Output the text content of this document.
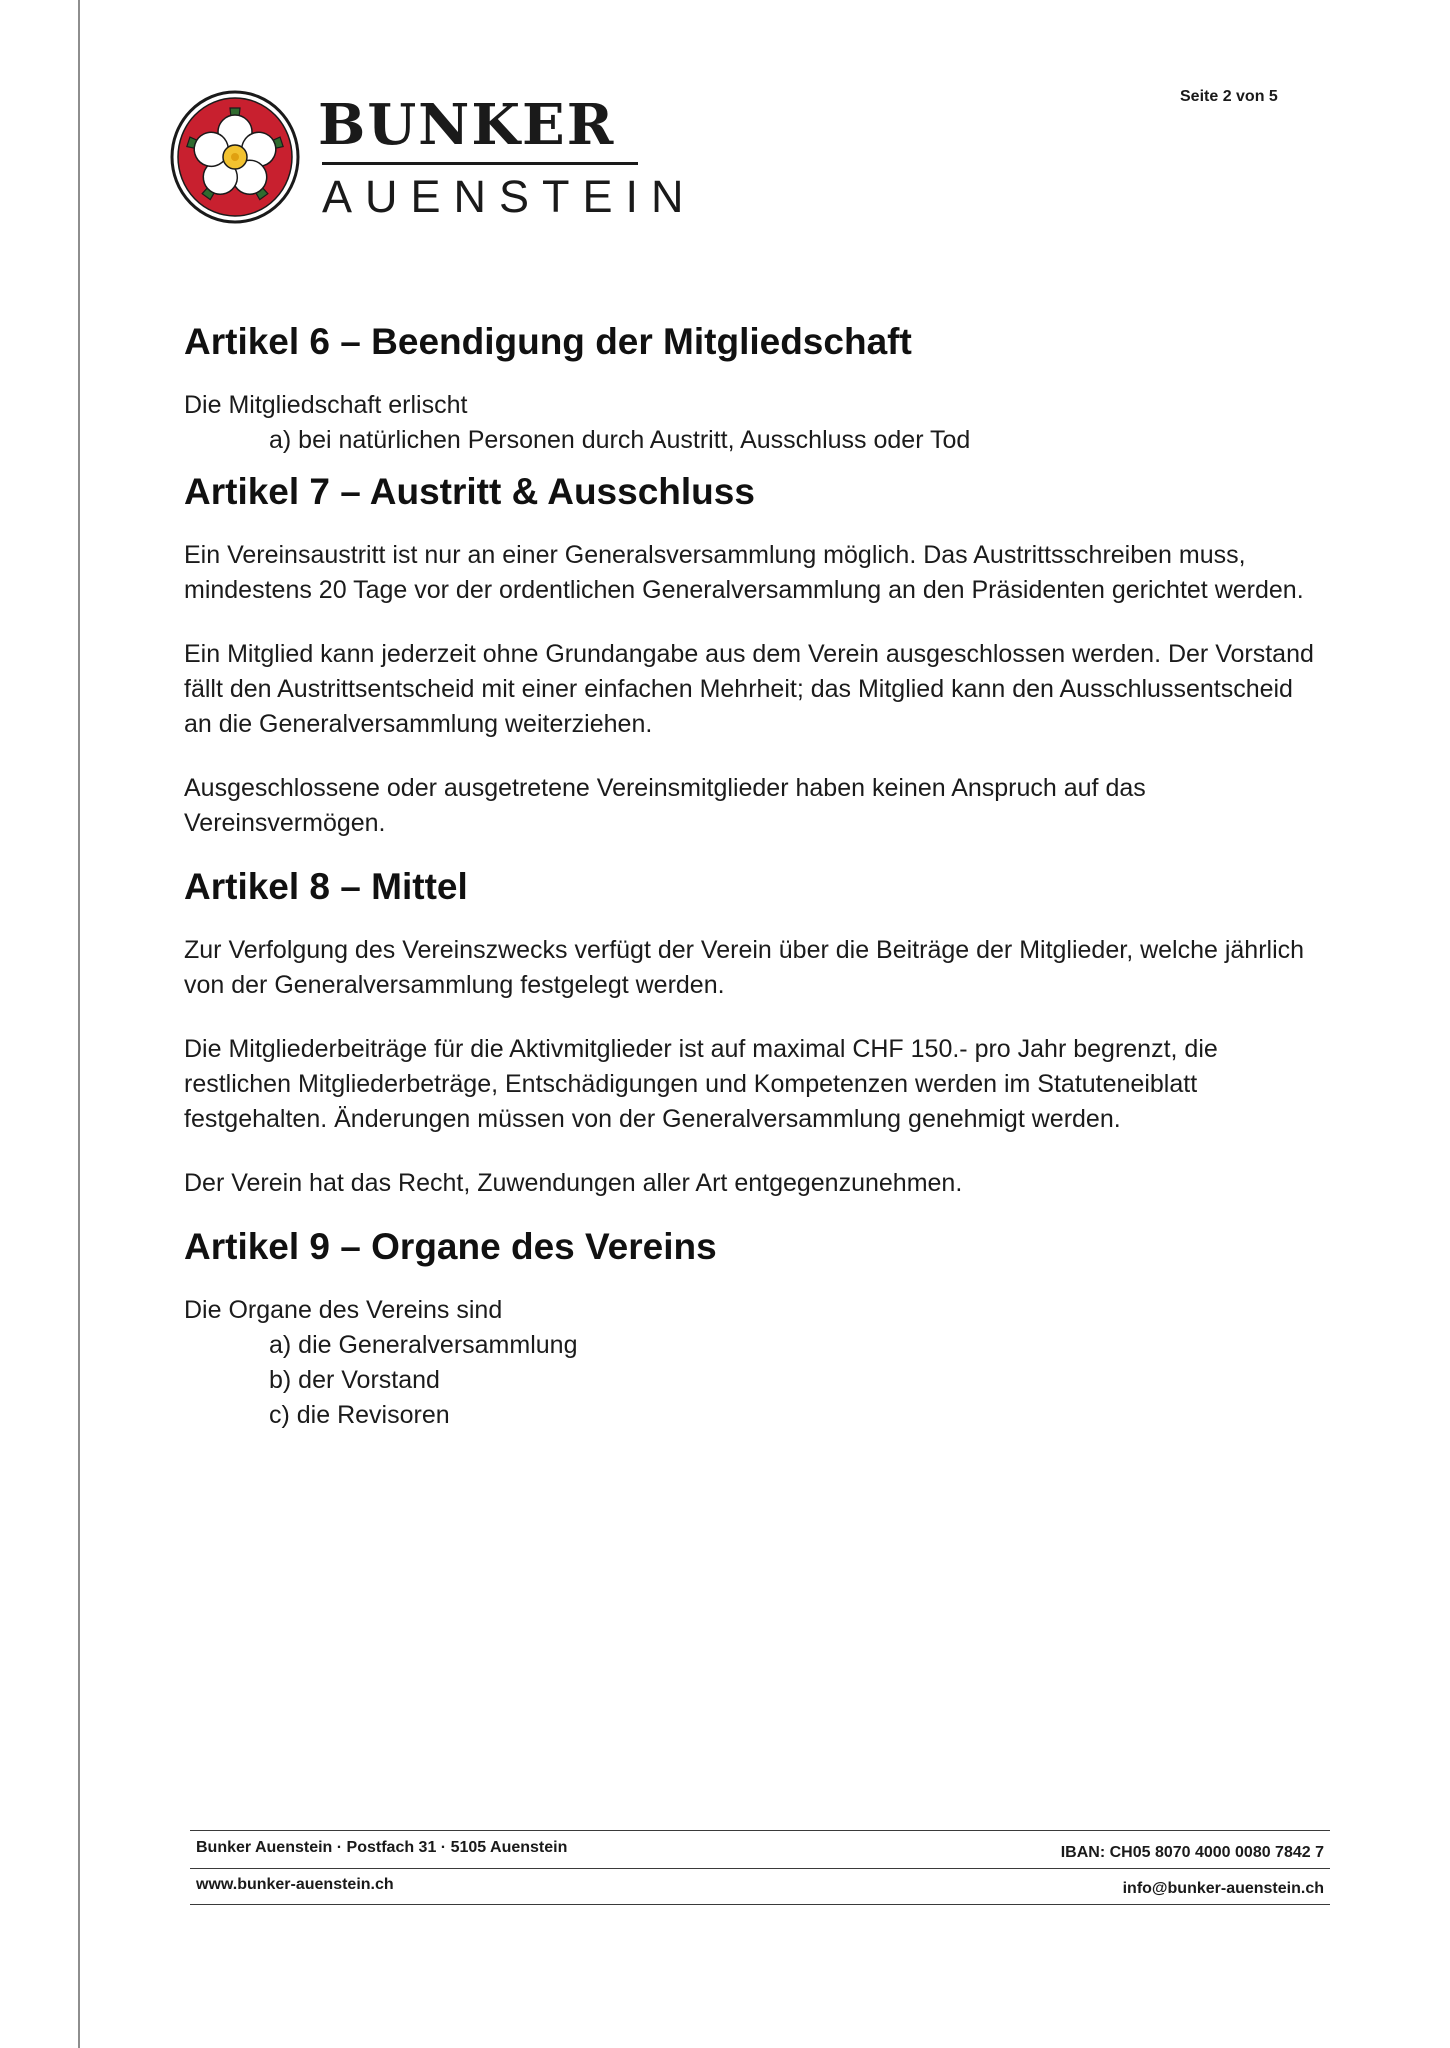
BUNKER
AUENSTEIN
Seite 2 von 5
Artikel 6 – Beendigung der Mitgliedschaft

Die Mitgliedschaft erlischt

a) bei natürlichen Personen durch Austritt, Ausschluss oder Tod

Artikel 7 – Austritt & Ausschluss

Ein Vereinsaustritt ist nur an einer Generalsversammlung möglich. Das Austrittsschreiben muss, mindestens 20 Tage vor der ordentlichen Generalversammlung an den Präsidenten gerichtet werden.

Ein Mitglied kann jederzeit ohne Grundangabe aus dem Verein ausgeschlossen werden. Der Vorstand fällt den Austrittsentscheid mit einer einfachen Mehrheit; das Mitglied kann den Ausschlussentscheid an die Generalversammlung weiterziehen.

Ausgeschlossene oder ausgetretene Vereinsmitglieder haben keinen Anspruch auf das Vereinsvermögen.

Artikel 8 – Mittel

Zur Verfolgung des Vereinszwecks verfügt der Verein über die Beiträge der Mitglieder, welche jährlich von der Generalversammlung festgelegt werden.

Die Mitgliederbeiträge für die Aktivmitglieder ist auf maximal CHF 150.- pro Jahr begrenzt, die restlichen Mitgliederbeträge, Entschädigungen und Kompetenzen werden im Statuteneiblatt festgehalten. Änderungen müssen von der Generalversammlung genehmigt werden.

Der Verein hat das Recht, Zuwendungen aller Art entgegenzunehmen.

Artikel 9 – Organe des Vereins

Die Organe des Vereins sind

a) die Generalversammlung

b) der Vorstand

c) die Revisoren

Bunker Auenstein · Postfach 31 · 5105 Auenstein	IBAN: CH05 8070 4000 0080 7842 7
www.bunker-auenstein.ch	info@bunker-auenstein.ch
